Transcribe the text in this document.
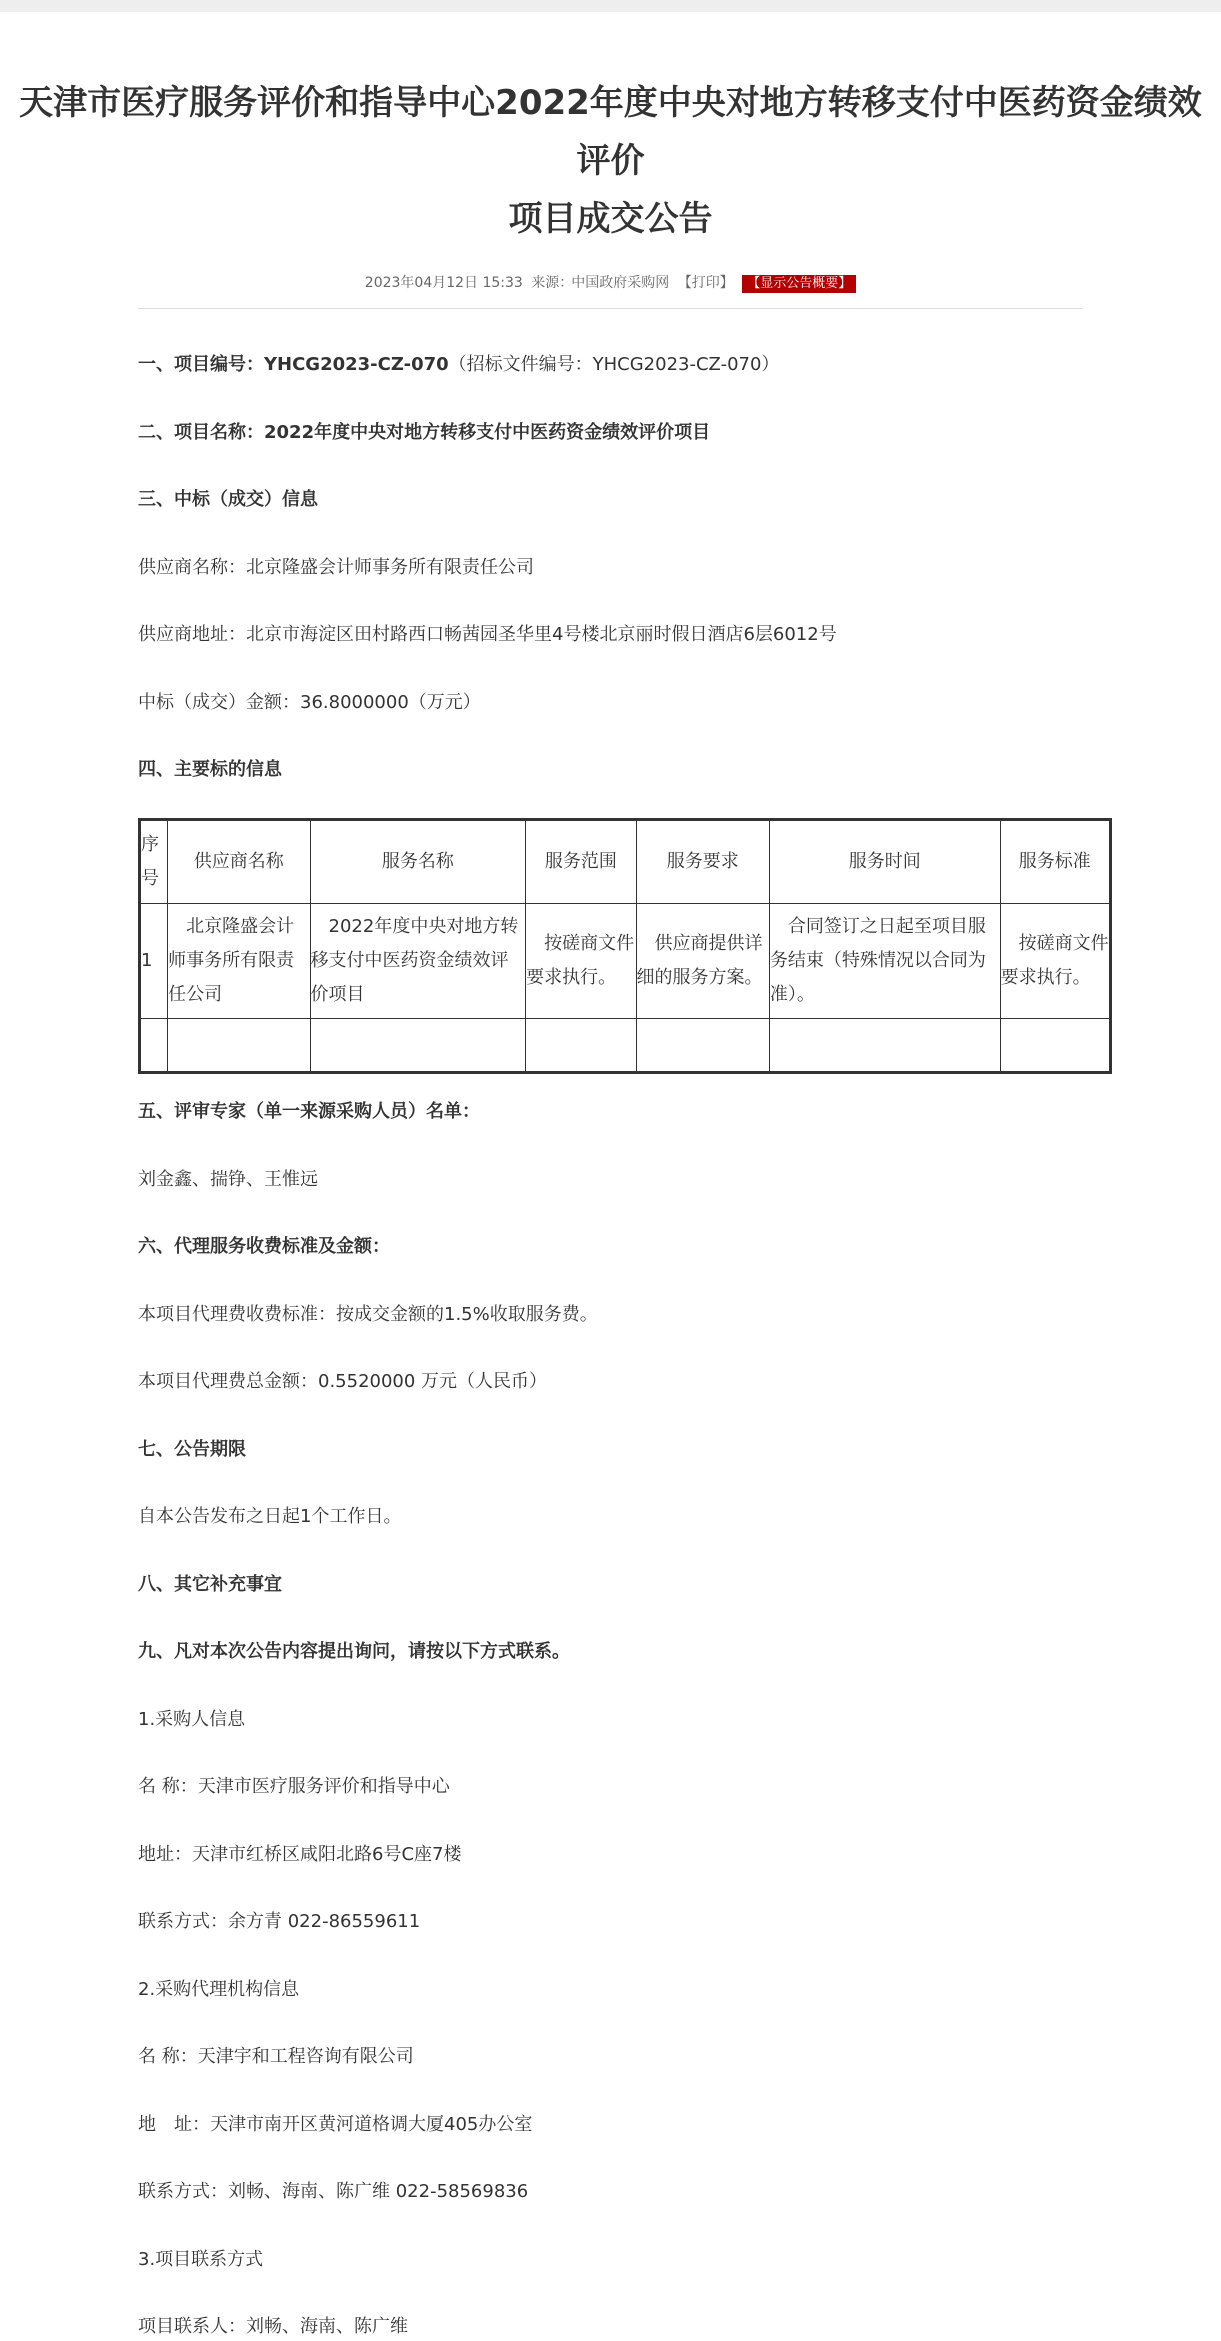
天津市医疗服务评价和指导中心2022年度中央对地方转移支付中医药资金绩效评价
项目成交公告
2023年04月12日 15:33 来源：中国政府采购网 【打印】 【显示公告概要】
一、项目编号：YHCG2023-CZ-070（招标文件编号：YHCG2023-CZ-070）
二、项目名称：2022年度中央对地方转移支付中医药资金绩效评价项目
三、中标（成交）信息
供应商名称：北京隆盛会计师事务所有限责任公司
供应商地址：北京市海淀区田村路西口畅茜园圣华里4号楼北京丽时假日酒店6层6012号
中标（成交）金额：36.8000000（万元）
四、主要标的信息
序号	供应商名称	服务名称	服务范围	服务要求	服务时间	服务标准
1	北京隆盛会计师事务所有限责任公司	2022年度中央对地方转移支付中医药资金绩效评价项目	按磋商文件要求执行。	供应商提供详细的服务方案。	合同签订之日起至项目服务结束（特殊情况以合同为准）。	按磋商文件要求执行。

五、评审专家（单一来源采购人员）名单：
刘金鑫、揣铮、王惟远
六、代理服务收费标准及金额：
本项目代理费收费标准：按成交金额的1.5%收取服务费。
本项目代理费总金额：0.5520000 万元（人民币）
七、公告期限
自本公告发布之日起1个工作日。
八、其它补充事宜
九、凡对本次公告内容提出询问，请按以下方式联系。
1.采购人信息
名 称：天津市医疗服务评价和指导中心
地址：天津市红桥区咸阳北路6号C座7楼
联系方式：余方青 022-86559611
2.采购代理机构信息
名 称：天津宇和工程咨询有限公司
地　址：天津市南开区黄河道格调大厦405办公室
联系方式：刘畅、海南、陈广维 022-58569836
3.项目联系方式
项目联系人：刘畅、海南、陈广维
